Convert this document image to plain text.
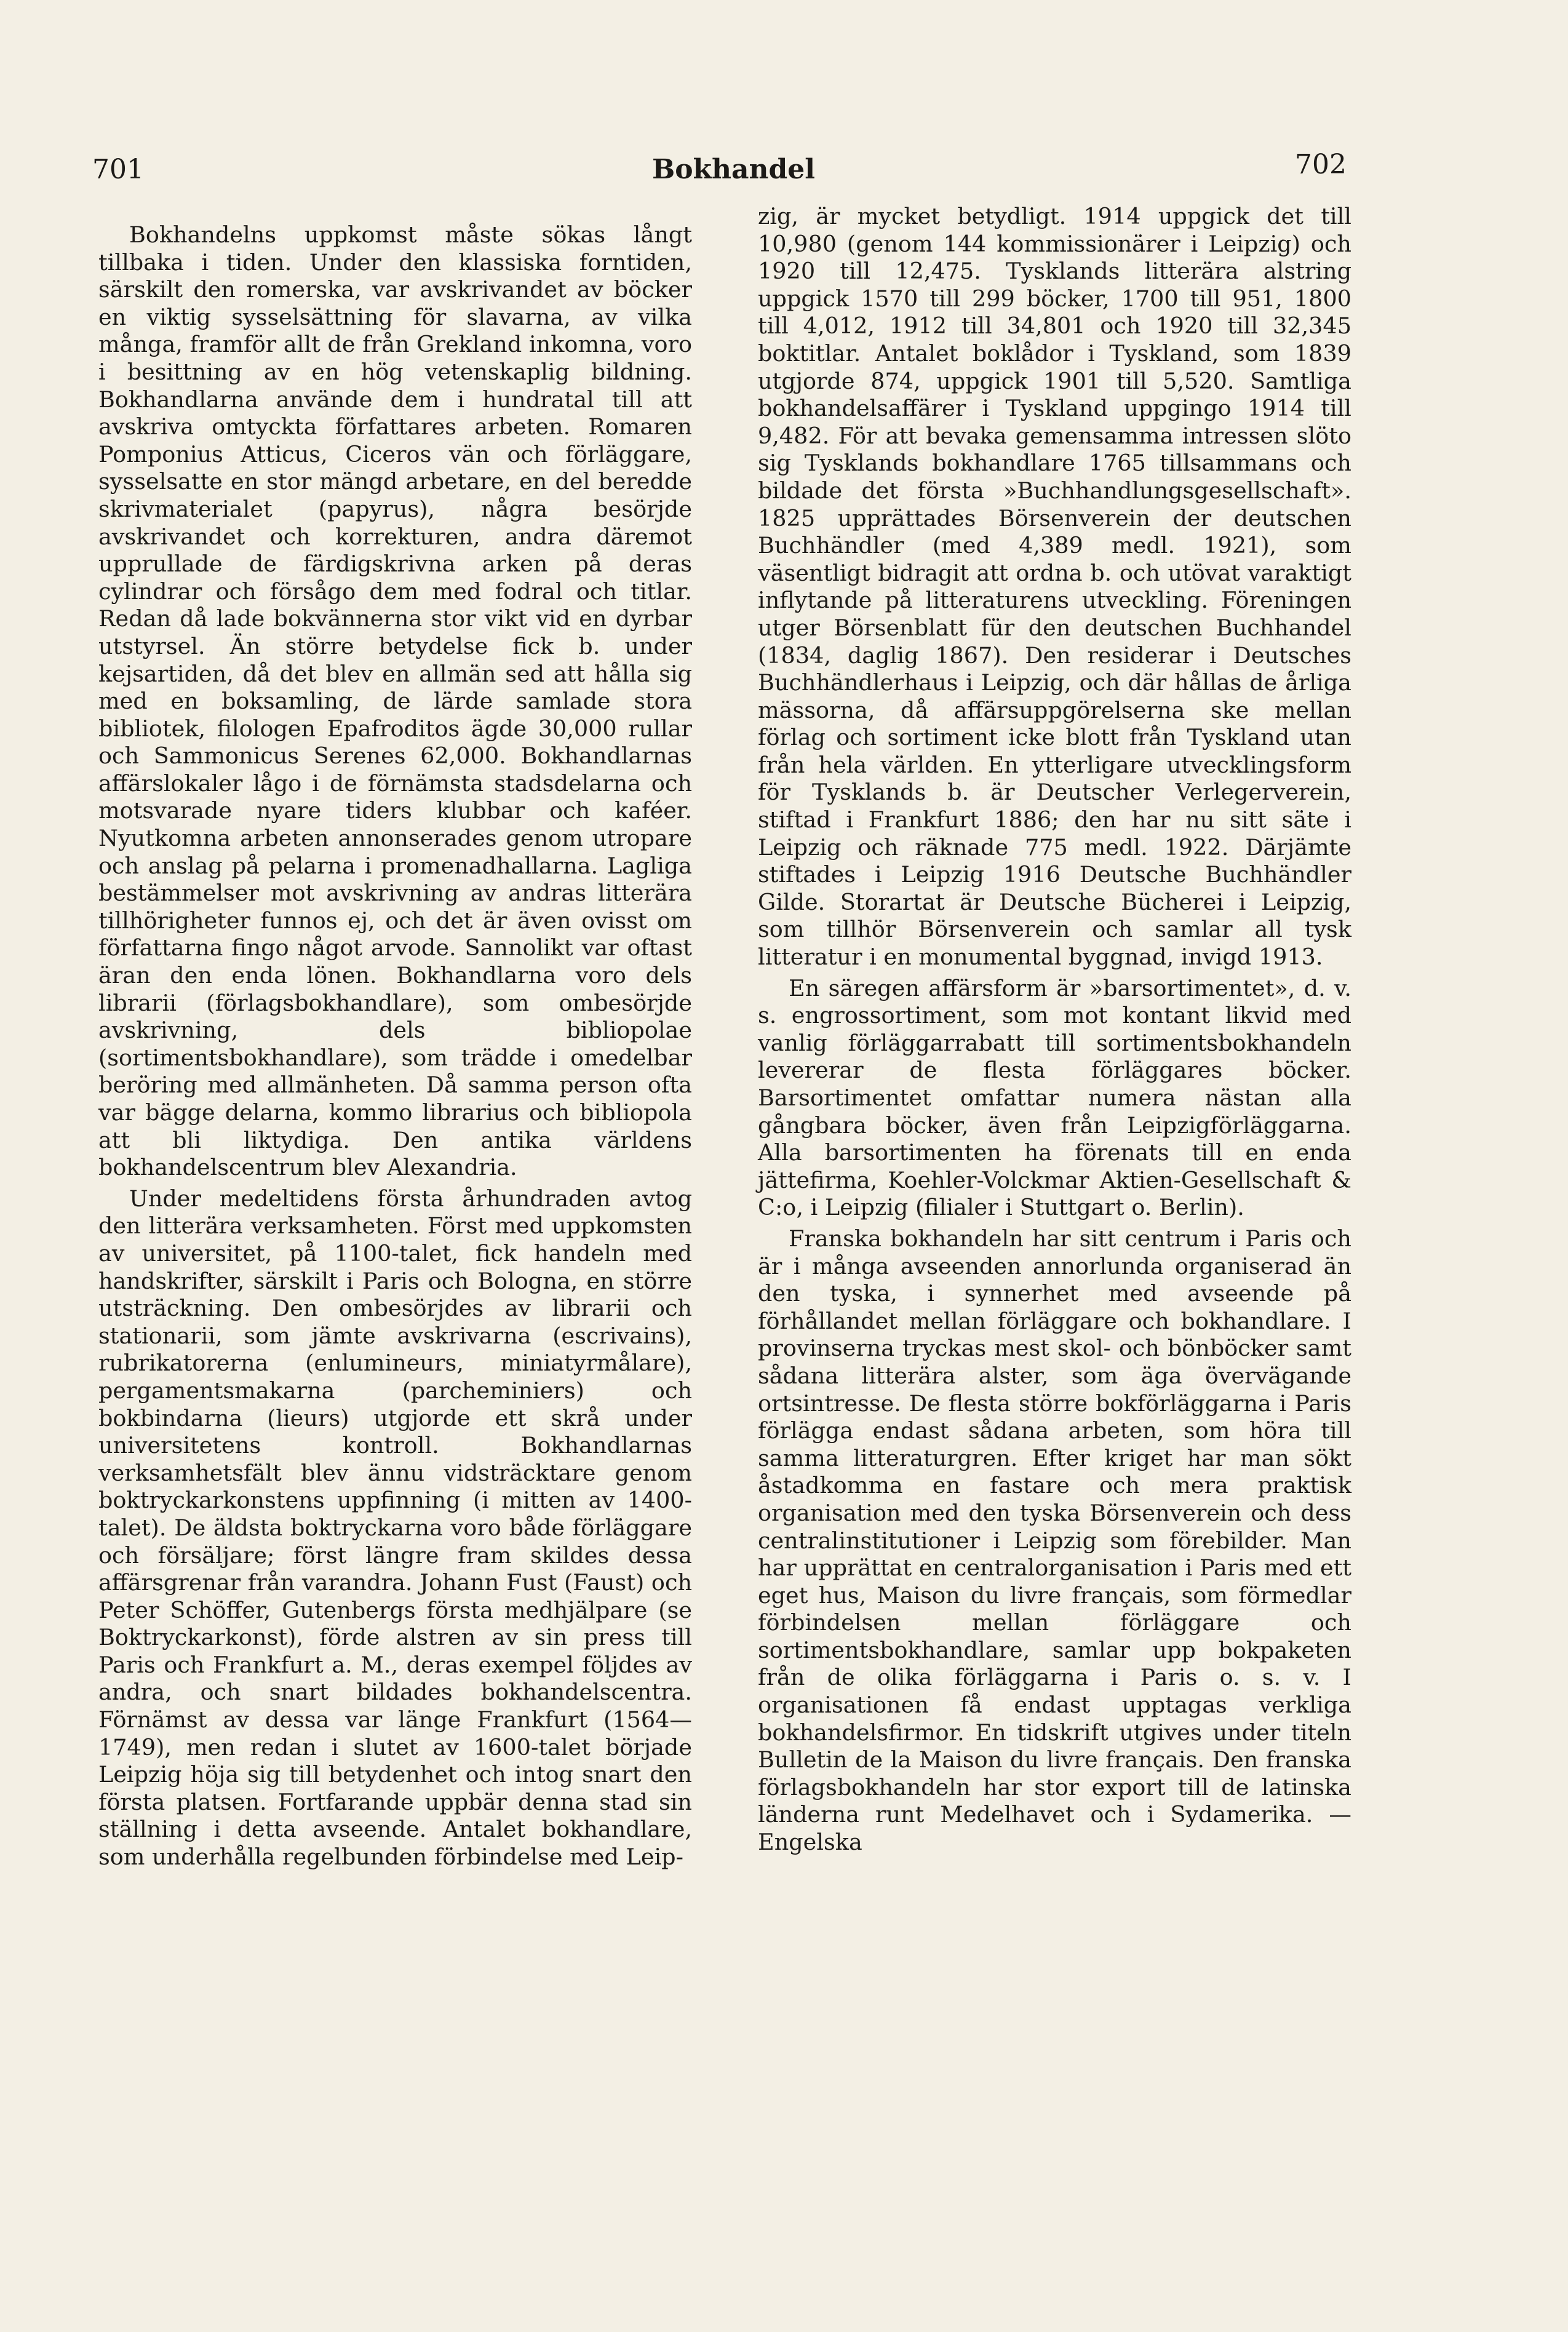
701	Bokhandel	702

Bokhandelns uppkomst måste sökas långt tillbaka i tiden. Under den klassiska forntiden, särskilt den romerska, var avskrivandet av böcker en viktig sysselsättning för slavarna, av vilka många, framför allt de från Grekland inkomna, voro i besittning av en hög vetenskaplig bildning. Bokhandlarna använde dem i hundratal till att avskriva omtyckta författares arbeten. Romaren Pomponius Atticus, Ciceros vän och förläggare, sysselsatte en stor mängd arbetare, en del beredde skrivmaterialet (papyrus), några besörjde avskrivandet och korrekturen, andra däremot upprullade de färdigskrivna arken på deras cylindrar och försågo dem med fodral och titlar. Redan då lade bokvännerna stor vikt vid en dyrbar utstyrsel. Än större betydelse fick b. under kejsartiden, då det blev en allmän sed att hålla sig med en boksamling, de lärde samlade stora bibliotek, filologen Epafroditos ägde 30,000 rullar och Sammonicus Serenes 62,000. Bokhandlarnas affärslokaler lågo i de förnämsta stadsdelarna och motsvarade nyare tiders klubbar och kaféer. Nyutkomna arbeten annonserades genom utropare och anslag på pelarna i promenadhallarna. Lagliga bestämmelser mot avskrivning av andras litterära tillhörigheter funnos ej, och det är även ovisst om författarna fingo något arvode. Sannolikt var oftast äran den enda lönen. Bokhandlarna voro dels librarii (förlagsbokhandlare), som ombesörjde avskrivning, dels bibliopolae (sortimentsbokhandlare), som trädde i omedelbar beröring med allmänheten. Då samma person ofta var bägge delarna, kommo librarius och bibliopola att bli liktydiga. Den antika världens bokhandelscentrum blev Alexandria.

Under medeltidens första århundraden avtog den litterära verksamheten. Först med uppkomsten av universitet, på 1100-talet, fick handeln med handskrifter, särskilt i Paris och Bologna, en större utsträckning. Den ombesörjdes av librarii och stationarii, som jämte avskrivarna (escrivains), rubrikatorerna (enlumineurs, miniatyrmålare), pergamentsmakarna (parcheminiers) och bokbindarna (lieurs) utgjorde ett skrå under universitetens kontroll. Bokhandlarnas verksamhetsfält blev ännu vidsträcktare genom boktryckarkonstens uppfinning (i mitten av 1400-talet). De äldsta boktryckarna voro både förläggare och försäljare; först längre fram skildes dessa affärsgrenar från varandra. Johann Fust (Faust) och Peter Schöffer, Gutenbergs första medhjälpare (se Boktryckarkonst), förde alstren av sin press till Paris och Frankfurt a. M., deras exempel följdes av andra, och snart bildades bokhandelscentra. Förnämst av dessa var länge Frankfurt (1564—1749), men redan i slutet av 1600-talet började Leipzig höja sig till betydenhet och intog snart den första platsen. Fortfarande uppbär denna stad sin ställning i detta avseende. Antalet bokhandlare, som underhålla regelbunden förbindelse med Leip-

zig, är mycket betydligt. 1914 uppgick det till 10,980 (genom 144 kommissionärer i Leipzig) och 1920 till 12,475. Tysklands litterära alstring uppgick 1570 till 299 böcker, 1700 till 951, 1800 till 4,012, 1912 till 34,801 och 1920 till 32,345 boktitlar. Antalet boklådor i Tyskland, som 1839 utgjorde 874, uppgick 1901 till 5,520. Samtliga bokhandelsaffärer i Tyskland uppgingo 1914 till 9,482. För att bevaka gemensamma intressen slöto sig Tysklands bokhandlare 1765 tillsammans och bildade det första »Buchhandlungsgesellschaft». 1825 upprättades Börsenverein der deutschen Buchhändler (med 4,389 medl. 1921), som väsentligt bidragit att ordna b. och utövat varaktigt inflytande på litteraturens utveckling. Föreningen utger Börsenblatt für den deutschen Buchhandel (1834, daglig 1867). Den residerar i Deutsches Buchhändlerhaus i Leipzig, och där hållas de årliga mässorna, då affärsuppgörelserna ske mellan förlag och sortiment icke blott från Tyskland utan från hela världen. En ytterligare utvecklingsform för Tysklands b. är Deutscher Verlegerverein, stiftad i Frankfurt 1886; den har nu sitt säte i Leipzig och räknade 775 medl. 1922. Därjämte stiftades i Leipzig 1916 Deutsche Buchhändler Gilde. Storartat är Deutsche Bücherei i Leipzig, som tillhör Börsenverein och samlar all tysk litteratur i en monumental byggnad, invigd 1913.

En säregen affärsform är »barsortimentet», d. v. s. engrossortiment, som mot kontant likvid med vanlig förläggarrabatt till sortimentsbokhandeln levererar de flesta förläggares böcker. Barsortimentet omfattar numera nästan alla gångbara böcker, även från Leipzigförläggarna. Alla barsortimenten ha förenats till en enda jättefirma, Koehler-Volckmar Aktien-Gesellschaft & C:o, i Leipzig (filialer i Stuttgart o. Berlin).

Franska bokhandeln har sitt centrum i Paris och är i många avseenden annorlunda organiserad än den tyska, i synnerhet med avseende på förhållandet mellan förläggare och bokhandlare. I provinserna tryckas mest skol- och bönböcker samt sådana litterära alster, som äga övervägande ortsintresse. De flesta större bokförläggarna i Paris förlägga endast sådana arbeten, som höra till samma litteraturgren. Efter kriget har man sökt åstadkomma en fastare och mera praktisk organisation med den tyska Börsenverein och dess centralinstitutioner i Leipzig som förebilder. Man har upprättat en centralorganisation i Paris med ett eget hus, Maison du livre français, som förmedlar förbindelsen mellan förläggare och sortimentsbokhandlare, samlar upp bokpaketen från de olika förläggarna i Paris o. s. v. I organisationen få endast upptagas verkliga bokhandelsfirmor. En tidskrift utgives under titeln Bulletin de la Maison du livre français. Den franska förlagsbokhandeln har stor export till de latinska länderna runt Medelhavet och i Sydamerika. — Engelska
